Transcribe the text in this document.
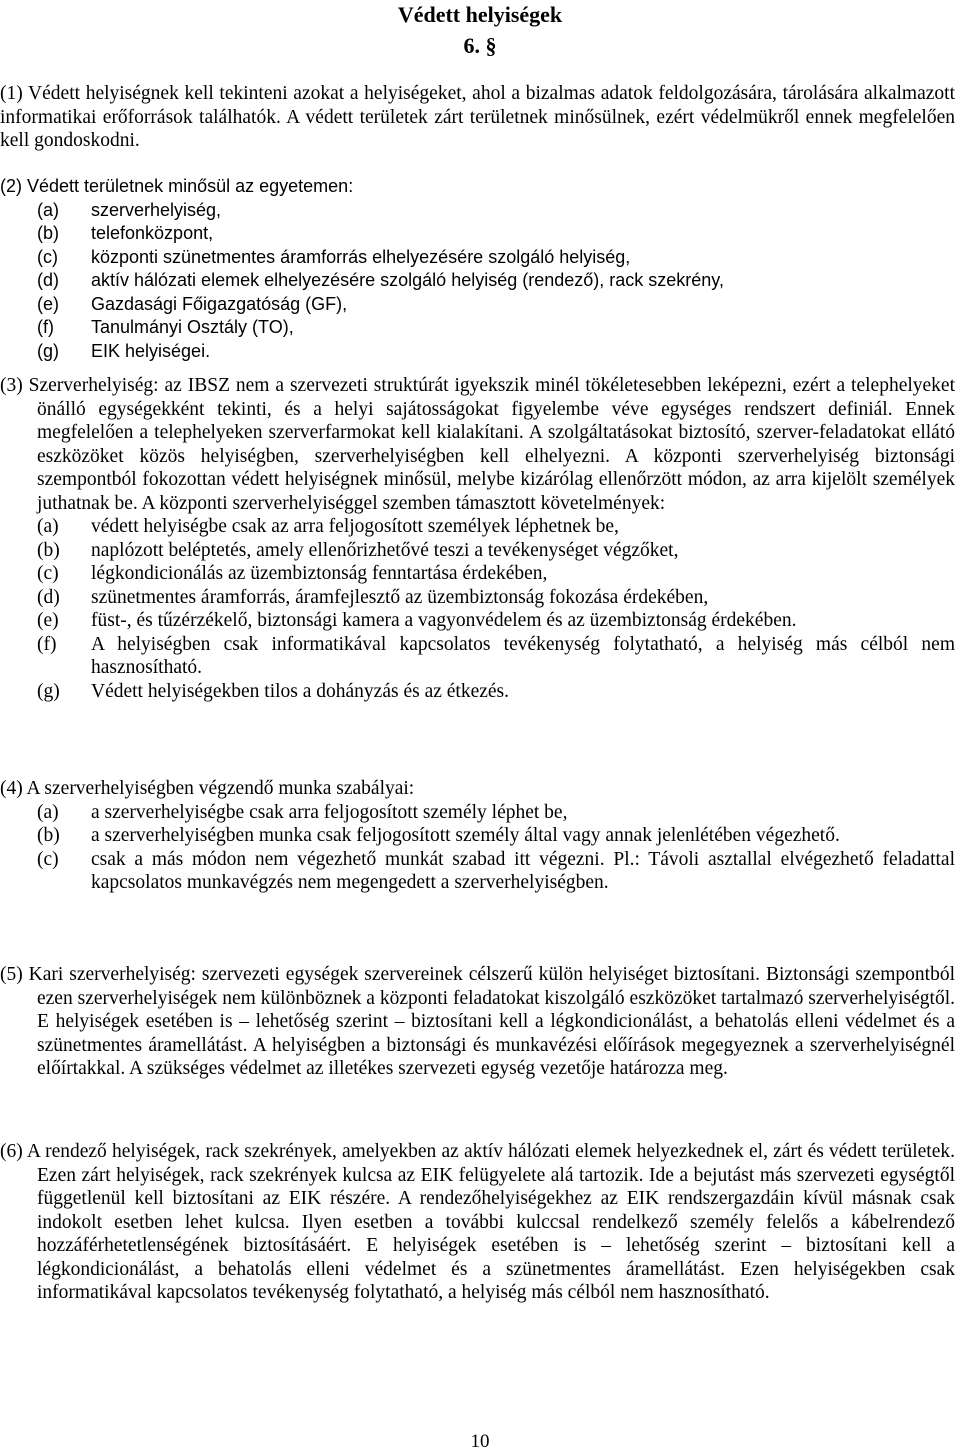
Védett helyiségek
6. §
(1) Védett helyiségnek kell tekinteni azokat a helyiségeket, ahol a bizalmas adatok feldolgozására, tárolására alkalmazott informatikai erőforrások találhatók. A védett területek zárt területnek minősülnek, ezért védelmükről ennek megfelelően kell gondoskodni.
(2) Védett területnek minősül az egyetemen:
(a)	szerverhelyiség,
(b)	telefonközpont,
(c)	központi szünetmentes áramforrás elhelyezésére szolgáló helyiség,
(d)	aktív hálózati elemek elhelyezésére szolgáló helyiség (rendező), rack szekrény,
(e)	Gazdasági Főigazgatóság (GF),
(f)	Tanulmányi Osztály (TO),
(g)	EIK helyiségei.
(3) Szerverhelyiség: az IBSZ nem a szervezeti struktúrát igyekszik minél tökéletesebben leképezni, ezért a telephelyeket önálló egységekként tekinti, és a helyi sajátosságokat figyelembe véve egységes rendszert definiál. Ennek megfelelően a telephelyeken szerverfarmokat kell kialakítani. A szolgáltatásokat biztosító, szerver-feladatokat ellátó eszközöket közös helyiségben, szerverhelyiségben kell elhelyezni. A központi szerverhelyiség biztonsági szempontból fokozottan védett helyiségnek minősül, melybe kizárólag ellenőrzött módon, az arra kijelölt személyek juthatnak be. A központi szerverhelyiséggel szemben támasztott követelmények:
(a)	védett helyiségbe csak az arra feljogosított személyek léphetnek be,
(b)	naplózott beléptetés, amely ellenőrizhetővé teszi a tevékenységet végzőket,
(c)	légkondicionálás az üzembiztonság fenntartása érdekében,
(d)	szünetmentes áramforrás, áramfejlesztő az üzembiztonság fokozása érdekében,
(e)	füst-, és tűzérzékelő, biztonsági kamera a vagyonvédelem és az üzembiztonság érdekében.
(f)	A helyiségben csak informatikával kapcsolatos tevékenység folytatható, a helyiség más célból nem hasznosítható.
(g)	Védett helyiségekben tilos a dohányzás és az étkezés.
(4) A szerverhelyiségben végzendő munka szabályai:
(a)	a szerverhelyiségbe csak arra feljogosított személy léphet be,
(b)	a szerverhelyiségben munka csak feljogosított személy által vagy annak jelenlétében végezhető.
(c)	csak a más módon nem végezhető munkát szabad itt végezni. Pl.: Távoli asztallal elvégezhető feladattal kapcsolatos munkavégzés nem megengedett a szerverhelyiségben.
(5) Kari szerverhelyiség: szervezeti egységek szervereinek célszerű külön helyiséget biztosítani. Biztonsági szempontból ezen szerverhelyiségek nem különböznek a központi feladatokat kiszolgáló eszközöket tartalmazó szerverhelyiségtől. E helyiségek esetében is – lehetőség szerint – biztosítani kell a légkondicionálást, a behatolás elleni védelmet és a szünetmentes áramellátást. A helyiségben a biztonsági és munkavézési előírások megegyeznek a szerverhelyiségnél előírtakkal. A szükséges védelmet az illetékes szervezeti egység vezetője határozza meg.
(6) A rendező helyiségek, rack szekrények, amelyekben az aktív hálózati elemek helyezkednek el, zárt és védett területek. Ezen zárt helyiségek, rack szekrények kulcsa az EIK felügyelete alá tartozik. Ide a bejutást más szervezeti egységtől függetlenül kell biztosítani az EIK részére. A rendezőhelyiségekhez az EIK rendszergazdáin kívül másnak csak indokolt esetben lehet kulcsa. Ilyen esetben a további kulccsal rendelkező személy felelős a kábelrendező hozzáférhetetlenségének biztosításáért. E helyiségek esetében is – lehetőség szerint – biztosítani kell a légkondicionálást, a behatolás elleni védelmet és a szünetmentes áramellátást. Ezen helyiségekben csak informatikával kapcsolatos tevékenység folytatható, a helyiség más célból nem hasznosítható.
10
